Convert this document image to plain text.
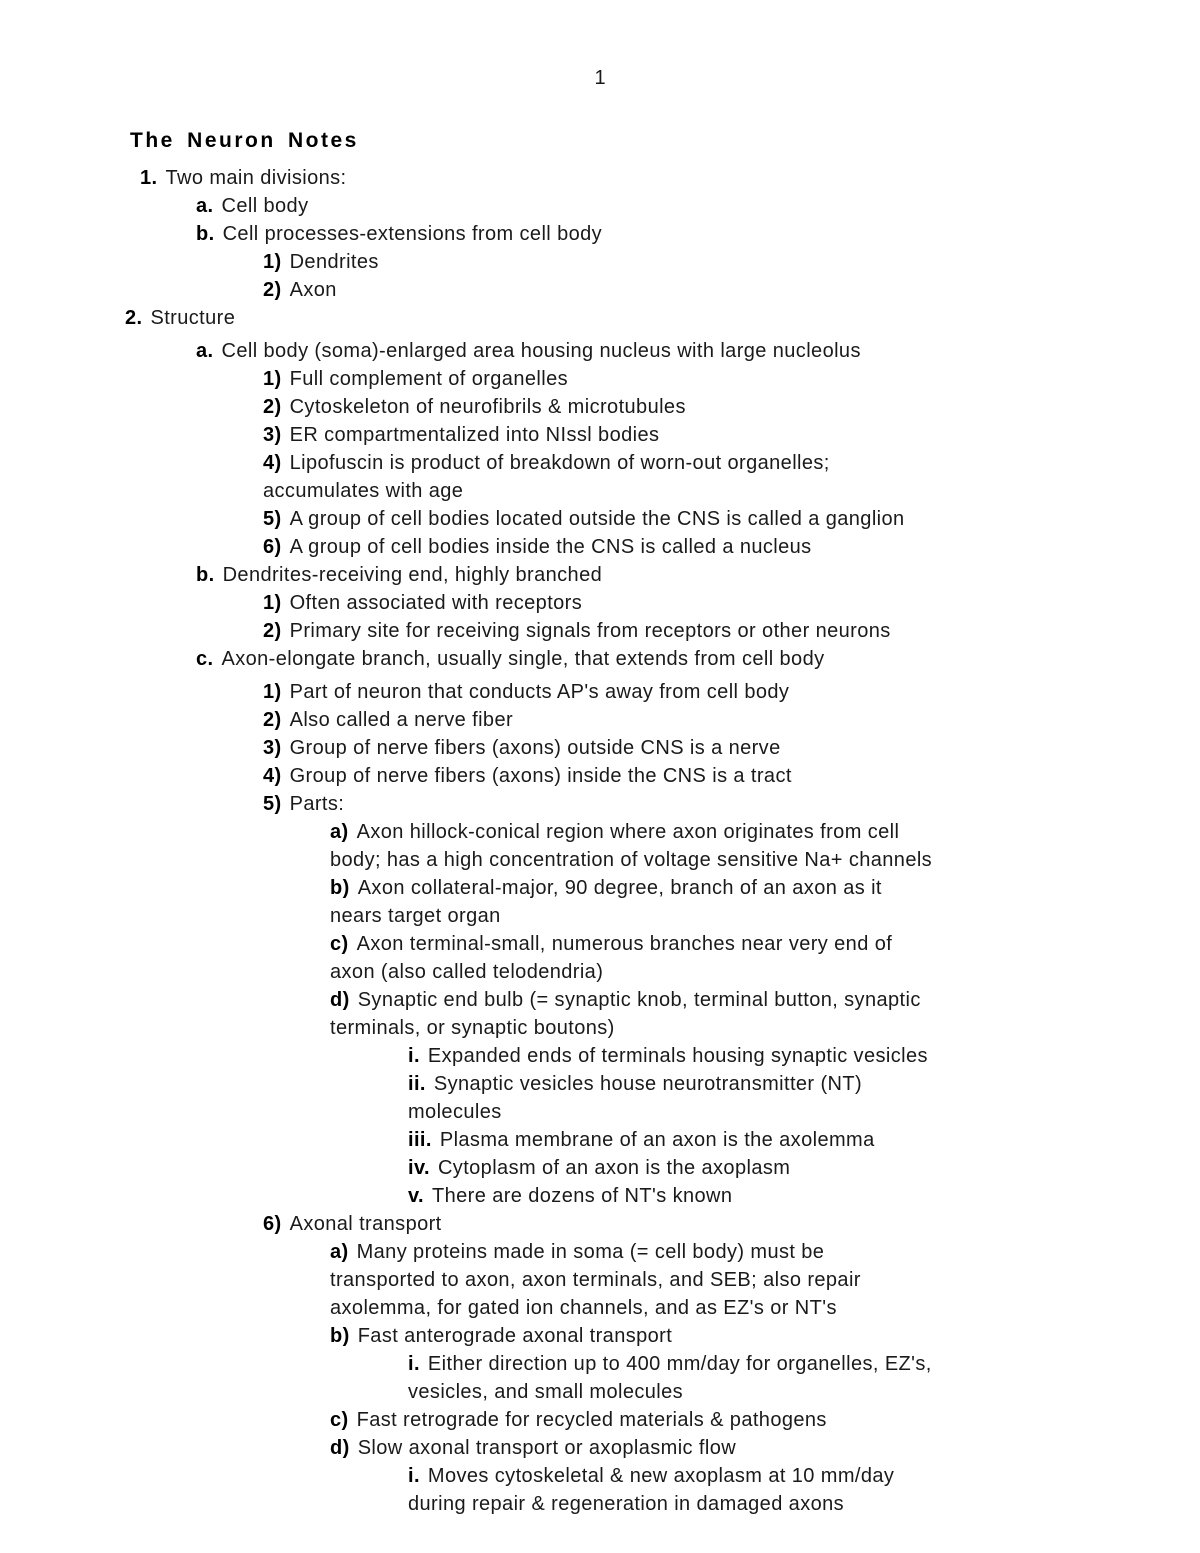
1
The Neuron Notes
1. Two main divisions:
a. Cell body
b. Cell processes-extensions from cell body
1) Dendrites
2) Axon
2. Structure
a. Cell body (soma)-enlarged area housing nucleus with large nucleolus
1) Full complement of organelles
2) Cytoskeleton of neurofibrils & microtubules
3) ER compartmentalized into NIssl bodies
4) Lipofuscin is product of breakdown of worn-out organelles;
accumulates with age
5) A group of cell bodies located outside the CNS is called a ganglion
6) A group of cell bodies inside the CNS is called a nucleus
b. Dendrites-receiving end, highly branched
1) Often associated with receptors
2) Primary site for receiving signals from receptors or other neurons
c. Axon-elongate branch, usually single, that extends from cell body
1) Part of neuron that conducts AP's away from cell body
2) Also called a nerve fiber
3) Group of nerve fibers (axons) outside CNS is a nerve
4) Group of nerve fibers (axons) inside the CNS is a tract
5) Parts:
a) Axon hillock-conical region where axon originates from cell
body; has a high concentration of voltage sensitive Na+ channels
b) Axon collateral-major, 90 degree, branch of an axon as it
nears target organ
c) Axon terminal-small, numerous branches near very end of
axon (also called telodendria)
d) Synaptic end bulb (= synaptic knob, terminal button, synaptic
terminals, or synaptic boutons)
i. Expanded ends of terminals housing synaptic vesicles
ii. Synaptic vesicles house neurotransmitter (NT)
molecules
iii. Plasma membrane of an axon is the axolemma
iv. Cytoplasm of an axon is the axoplasm
v. There are dozens of NT's known
6) Axonal transport
a) Many proteins made in soma (= cell body) must be
transported to axon, axon terminals, and SEB; also repair
axolemma, for gated ion channels, and as EZ's or NT's
b) Fast anterograde axonal transport
i. Either direction up to 400 mm/day for organelles, EZ's,
vesicles, and small molecules
c) Fast retrograde for recycled materials & pathogens
d) Slow axonal transport or axoplasmic flow
i. Moves cytoskeletal & new axoplasm at 10 mm/day
during repair & regeneration in damaged axons
